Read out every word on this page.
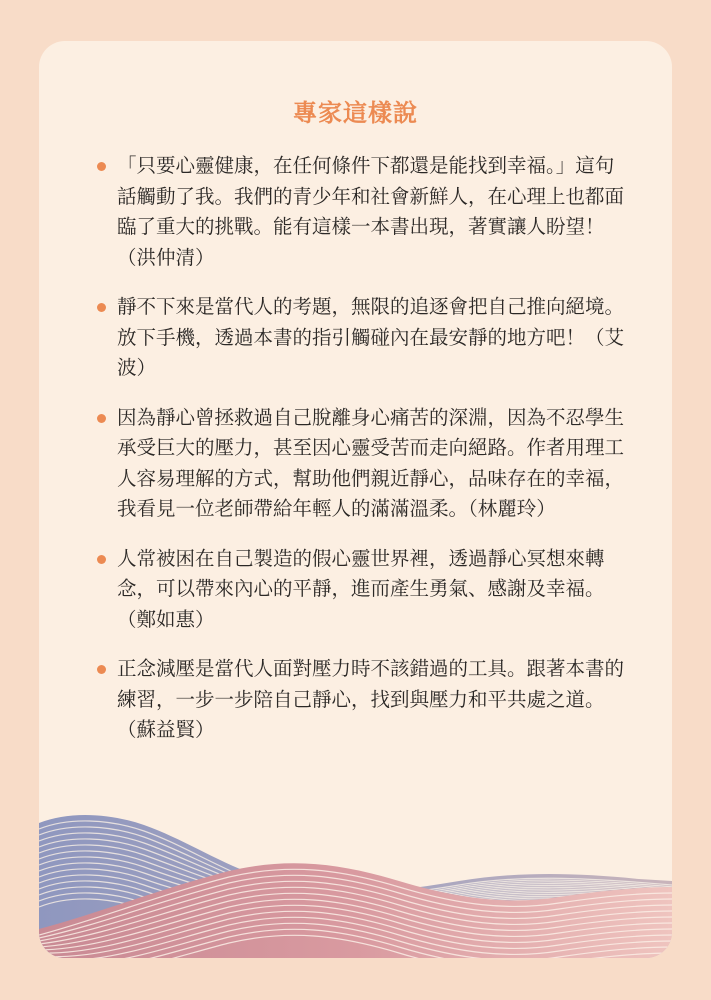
專家這樣說
「只要心靈健康，在任何條件下都還是能找到幸福。」這句話觸動了我。我們的青少年和社會新鮮人，在心理上也都面臨了重大的挑戰。能有這樣一本書出現，著實讓人盼望！（洪仲清）
靜不下來是當代人的考題，無限的追逐會把自己推向絕境。放下手機，透過本書的指引觸碰內在最安靜的地方吧！（艾波）
因為靜心曾拯救過自己脫離身心痛苦的深淵，因為不忍學生承受巨大的壓力，甚至因心靈受苦而走向絕路。作者用理工人容易理解的方式，幫助他們親近靜心，品味存在的幸福，我看見一位老師帶給年輕人的滿滿溫柔。（林麗玲）
人常被困在自己製造的假心靈世界裡，透過靜心冥想來轉念，可以帶來內心的平靜，進而產生勇氣、感謝及幸福。（鄭如惠）
正念減壓是當代人面對壓力時不該錯過的工具。跟著本書的練習，一步一步陪自己靜心，找到與壓力和平共處之道。（蘇益賢）
